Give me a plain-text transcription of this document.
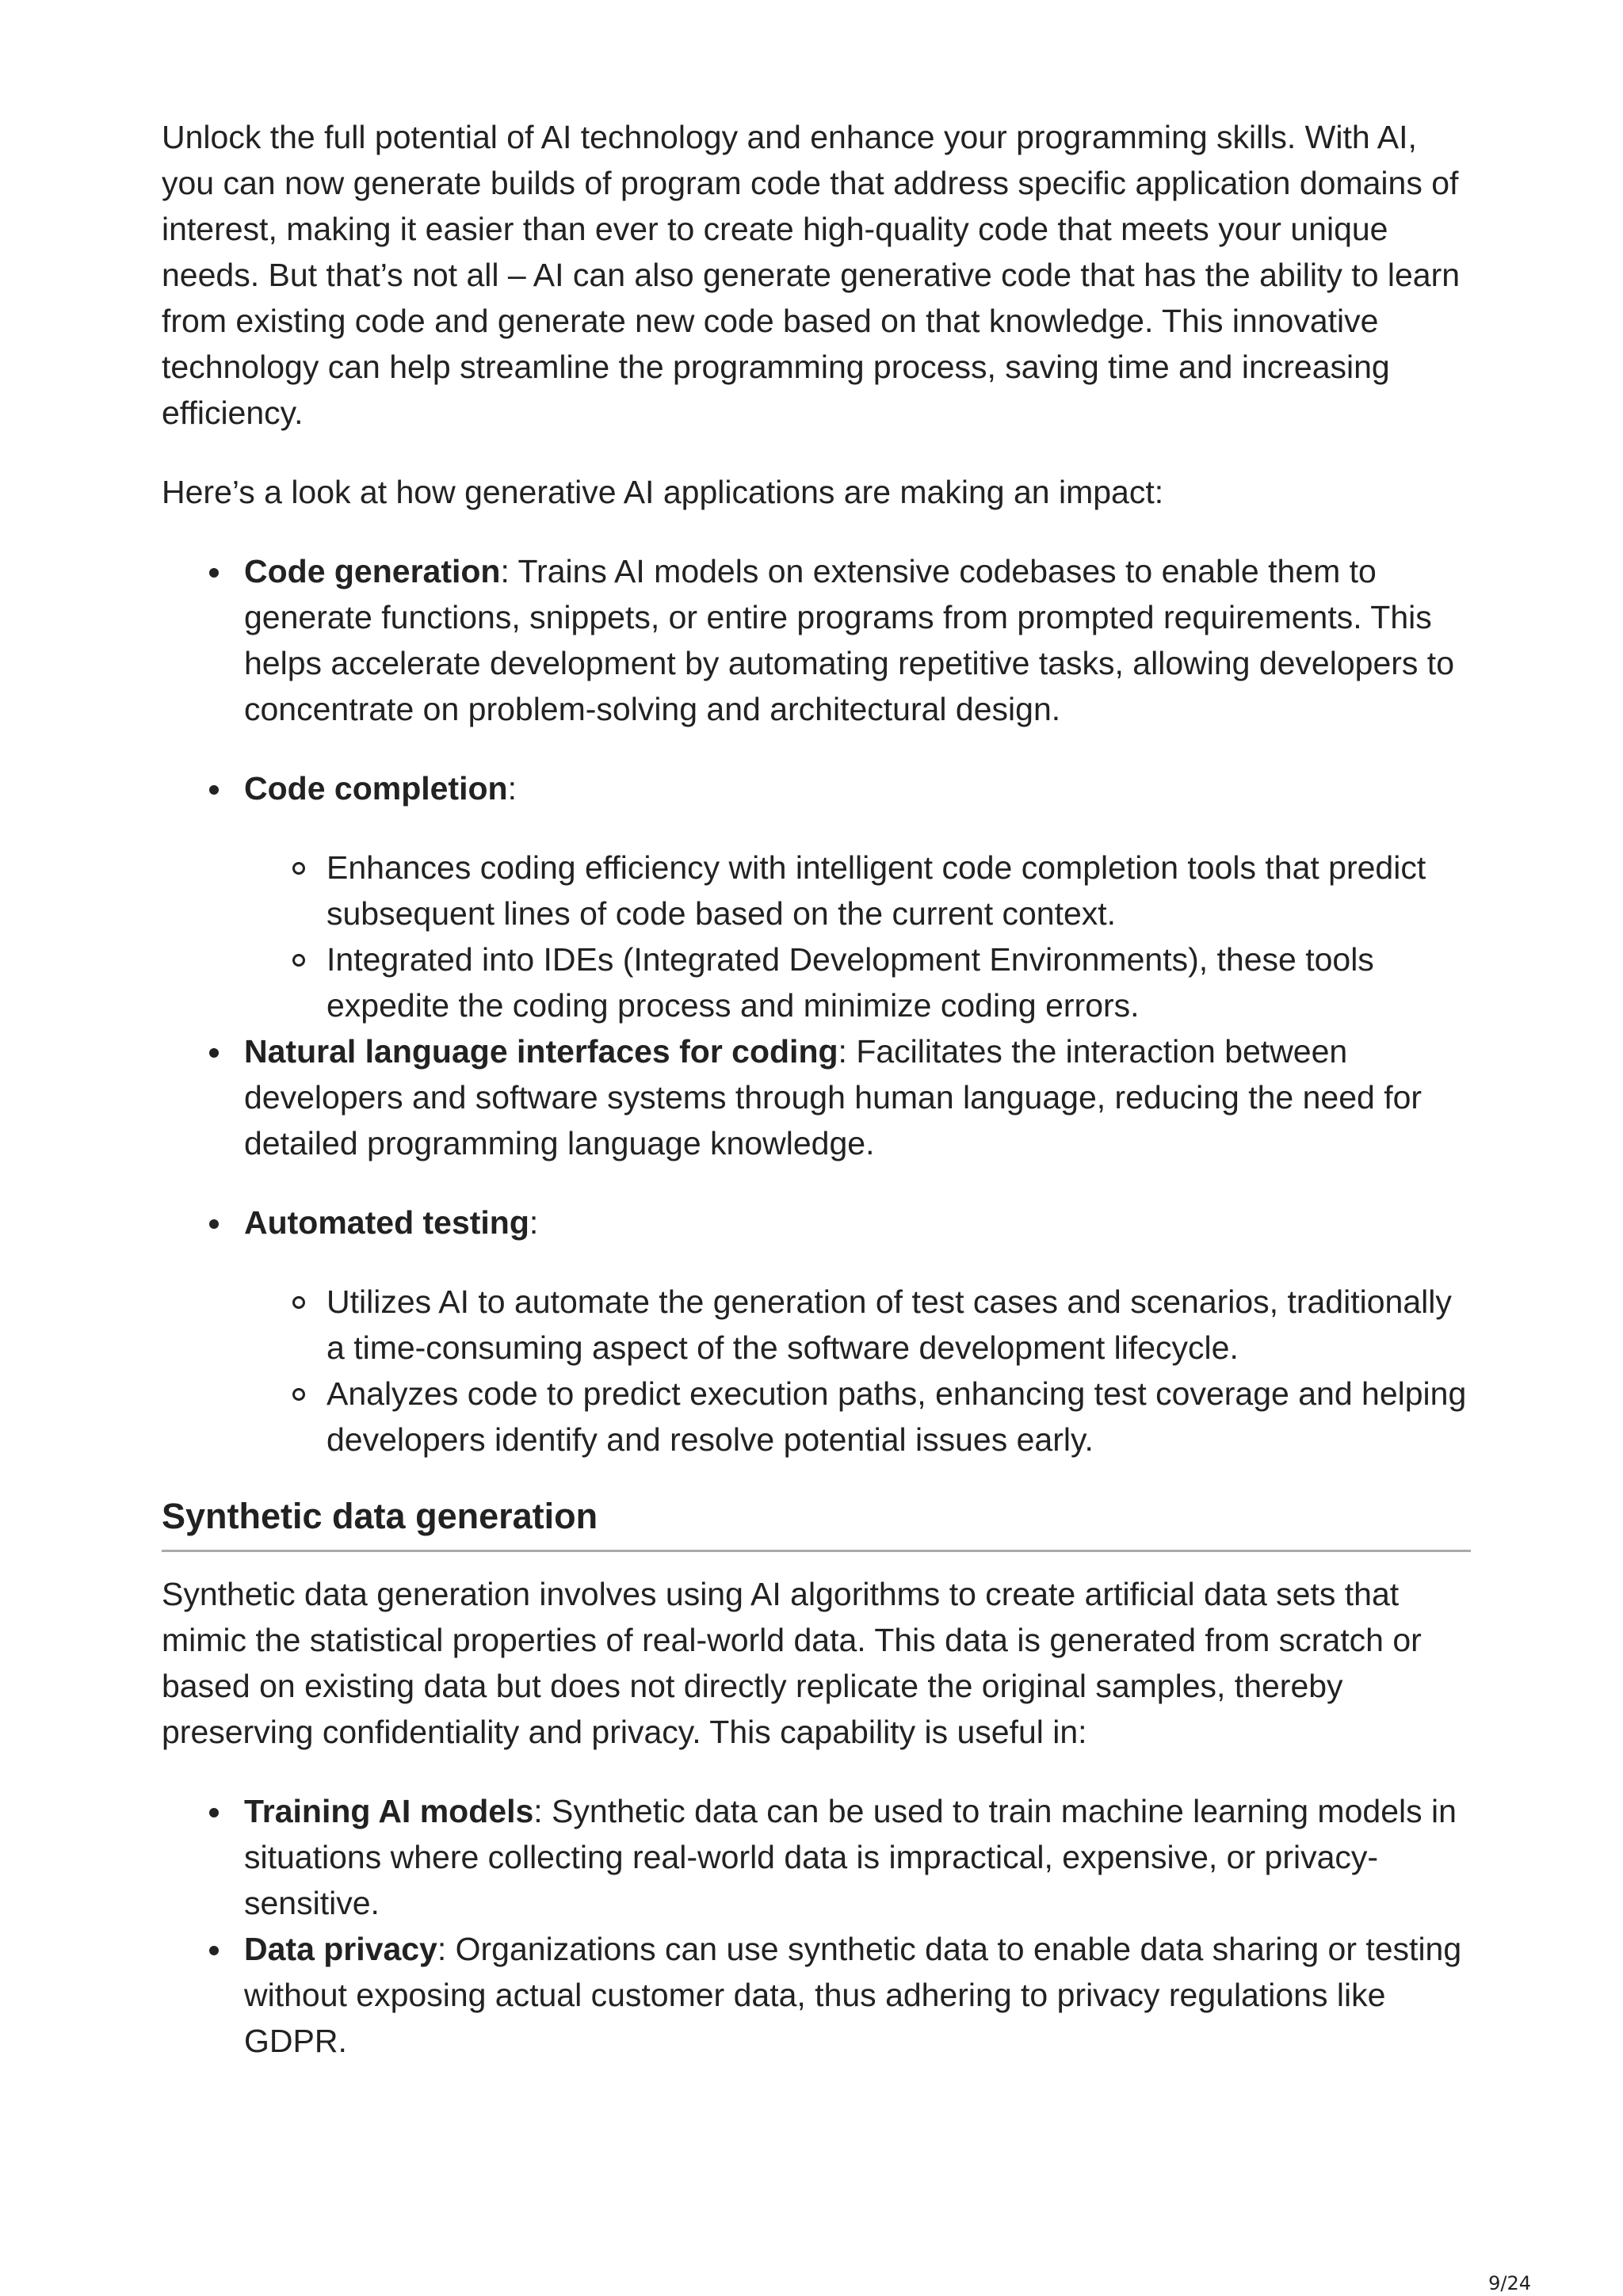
Unlock the full potential of AI technology and enhance your programming skills. With AI, you can now generate builds of program code that address specific application domains of interest, making it easier than ever to create high-quality code that meets your unique needs. But that’s not all – AI can also generate generative code that has the ability to learn from existing code and generate new code based on that knowledge. This innovative technology can help streamline the programming process, saving time and increasing efficiency.

Here’s a look at how generative AI applications are making an impact:

Code generation: Trains AI models on extensive codebases to enable them to generate functions, snippets, or entire programs from prompted requirements. This helps accelerate development by automating repetitive tasks, allowing developers to concentrate on problem-solving and architectural design.
Code completion:
Enhances coding efficiency with intelligent code completion tools that predict subsequent lines of code based on the current context.
Integrated into IDEs (Integrated Development Environments), these tools expedite the coding process and minimize coding errors.
Natural language interfaces for coding: Facilitates the interaction between developers and software systems through human language, reducing the need for detailed programming language knowledge.
Automated testing:
Utilizes AI to automate the generation of test cases and scenarios, traditionally a time-consuming aspect of the software development lifecycle.
Analyzes code to predict execution paths, enhancing test coverage and helping developers identify and resolve potential issues early.
Synthetic data generation

Synthetic data generation involves using AI algorithms to create artificial data sets that mimic the statistical properties of real-world data. This data is generated from scratch or based on existing data but does not directly replicate the original samples, thereby preserving confidentiality and privacy. This capability is useful in:

Training AI models: Synthetic data can be used to train machine learning models in situations where collecting real-world data is impractical, expensive, or privacy-sensitive.
Data privacy: Organizations can use synthetic data to enable data sharing or testing without exposing actual customer data, thus adhering to privacy regulations like GDPR.
9/24
